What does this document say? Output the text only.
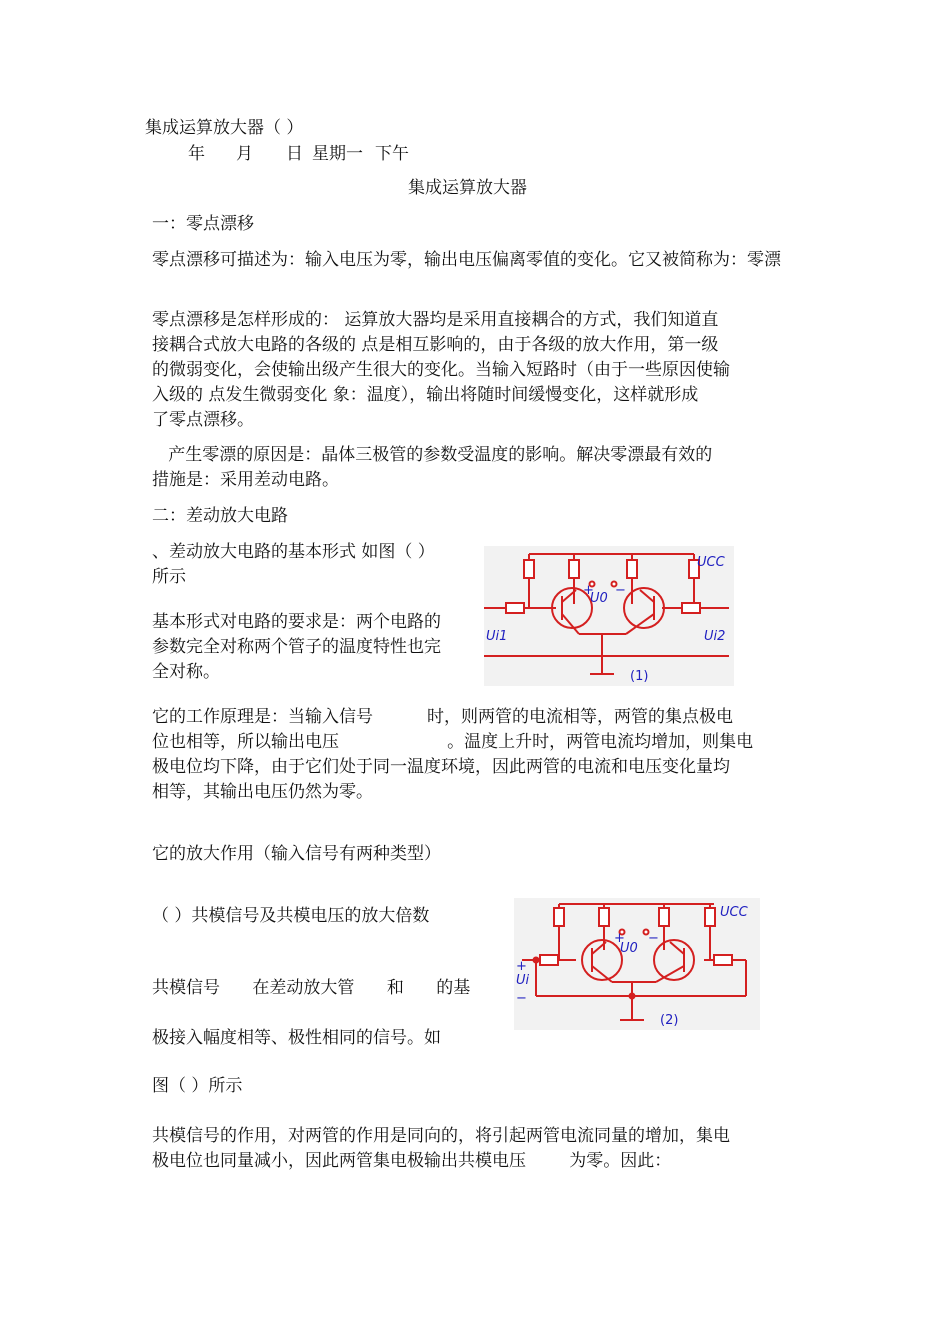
集成运算放大器（ ）
年 月 日 星期一 下午
集成运算放大器
一：零点漂移
零点漂移可描述为：输入电压为零，输出电压偏离零值的变化。它又被简称为：零漂
零点漂移是怎样形成的： 运算放大器均是采用直接耦合的方式，我们知道直
接耦合式放大电路的各级的 点是相互影响的，由于各级的放大作用，第一级
的微弱变化，会使输出级产生很大的变化。当输入短路时（由于一些原因使输
入级的 点发生微弱变化 象：温度），输出将随时间缓慢变化，这样就形成
了零点漂移。
产生零漂的原因是：晶体三极管的参数受温度的影响。解决零漂最有效的
措施是：采用差动电路。
二：差动放大电路
、差动放大电路的基本形式 如图（ ）
所示
基本形式对电路的要求是：两个电路的
参数完全对称两个管子的温度特性也完
全对称。
它的工作原理是：当输入信号          时，则两管的电流相等，两管的集点极电
位也相等，所以输出电压                    。温度上升时，两管电流均增加，则集电
极电位均下降，由于它们处于同一温度环境，因此两管的电流和电压变化量均
相等，其输出电压仍然为零。
它的放大作用（输入信号有两种类型）
（ ）共模信号及共模电压的放大倍数
共模信号      在差动放大管      和      的基
极接入幅度相等、极性相同的信号。如
图（ ）所示
共模信号的作用，对两管的作用是同向的，将引起两管电流同量的增加，集电
极电位也同量减小，因此两管集电极输出共模电压        为零。因此：
UCC
U0
+ −
Ui1	Ui2
(1)
UCC
U0
+ −
+
Ui
−
(2)
